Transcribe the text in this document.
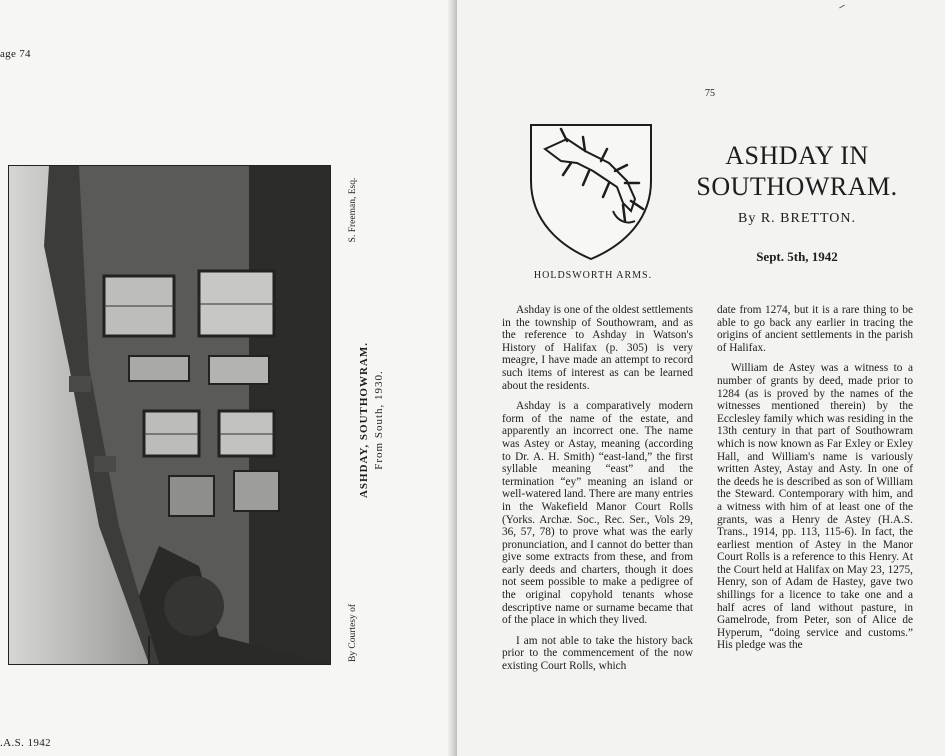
age 74
ASHDAY, SOUTHOWRAM. From South, 1930.
S. Freeman, Esq.
By Courtesy of
.A.S. 1942
75
HOLDSWORTH ARMS.
ASHDAY IN
SOUTHOWRAM.
By R. BRETTON.
Sept. 5th, 1942

Ashday is one of the oldest settlements in the township of Southowram, and as the reference to Ashday in Watson's History of Halifax (p. 305) is very meagre, I have made an attempt to record such items of interest as can be learned about the residents.

Ashday is a comparatively modern form of the name of the estate, and apparently an incorrect one. The name was Astey or Astay, meaning (according to Dr. A. H. Smith) “east-land,” the first syllable meaning “east” and the termination “ey” meaning an island or well-watered land. There are many entries in the Wakefield Manor Court Rolls (Yorks. Archæ. Soc., Rec. Ser., Vols 29, 36, 57, 78) to prove what was the early pronunciation, and I cannot do better than give some extracts from these, and from early deeds and charters, though it does not seem possible to make a pedigree of the original copyhold tenants whose descriptive name or surname became that of the place in which they lived.

I am not able to take the history back prior to the commencement of the now existing Court Rolls, which

date from 1274, but it is a rare thing to be able to go back any earlier in tracing the origins of ancient settlements in the parish of Halifax.

William de Astey was a witness to a number of grants by deed, made prior to 1284 (as is proved by the names of the witnesses mentioned therein) by the Ecclesley family which was residing in the 13th century in that part of Southowram which is now known as Far Exley or Exley Hall, and William's name is variously written Astey, Astay and Asty. In one of the deeds he is described as son of William the Steward. Contemporary with him, and a witness with him of at least one of the grants, was a Henry de Astey (H.A.S. Trans., 1914, pp. 113, 115-6). In fact, the earliest mention of Astey in the Manor Court Rolls is a reference to this Henry. At the Court held at Halifax on May 23, 1275, Henry, son of Adam de Hastey, gave two shillings for a licence to take one and a half acres of land without pasture, in Gamelrode, from Peter, son of Alice de Hyperum, “doing service and customs.” His pledge was the
